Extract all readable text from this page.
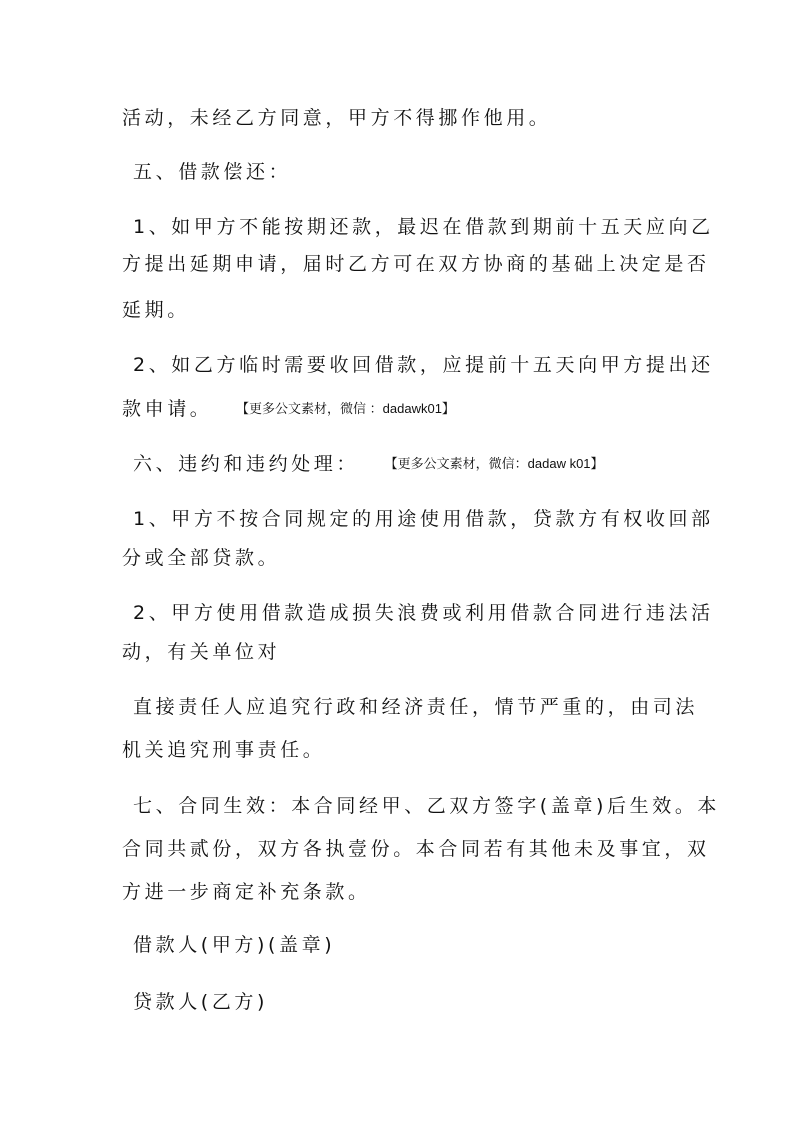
活动，未经乙方同意，甲方不得挪作他用。
五、借款偿还：
1、如甲方不能按期还款，最迟在借款到期前十五天应向乙
方提出延期申请，届时乙方可在双方协商的基础上决定是否
延期。
2、如乙方临时需要收回借款，应提前十五天向甲方提出还
款申请。 【更多公文素材，微信 ：dadawk01】
六、违约和违约处理： 【更多公文素材，微信：dadaw k01】
1、甲方不按合同规定的用途使用借款，贷款方有权收回部
分或全部贷款。
2、甲方使用借款造成损失浪费或利用借款合同进行违法活
动，有关单位对
直接责任人应追究行政和经济责任，情节严重的，由司法
机关追究刑事责任。
七、合同生效：本合同经甲、乙双方签字(盖章)后生效。本
合同共贰份，双方各执壹份。本合同若有其他未及事宜，双
方进一步商定补充条款。
借款人(甲方)(盖章)
贷款人(乙方)
